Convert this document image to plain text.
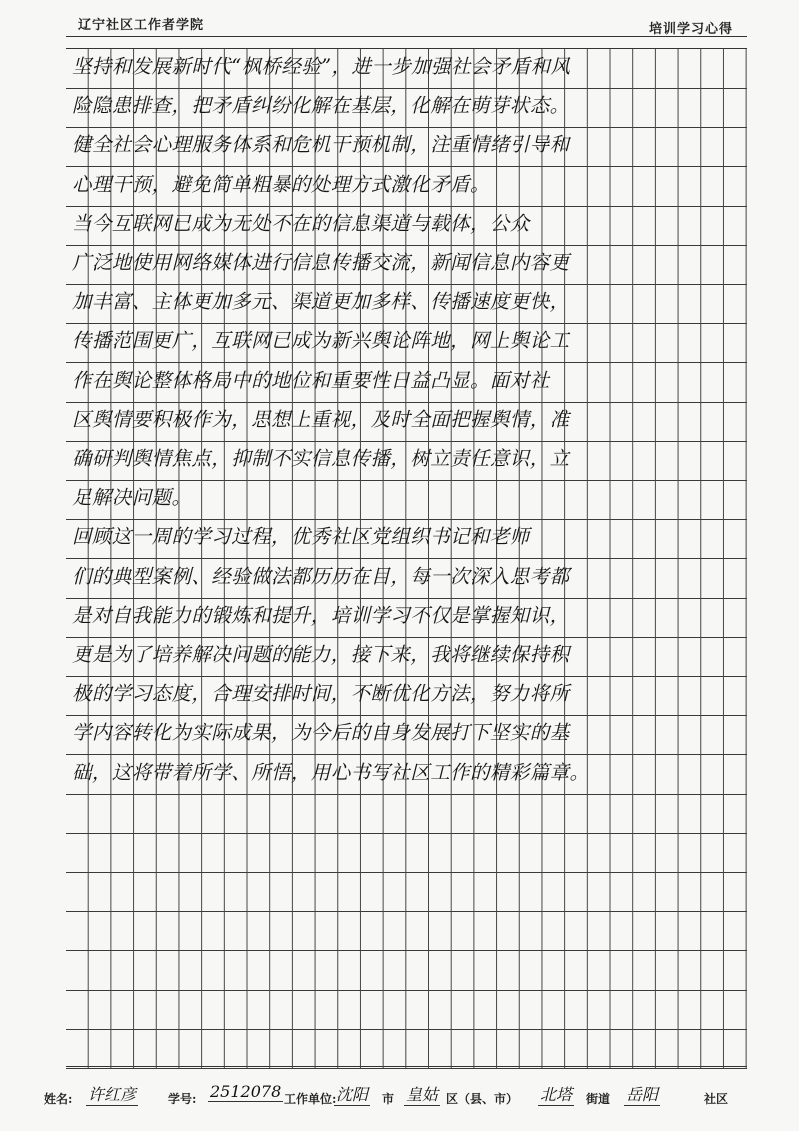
辽宁社区工作者学院	培训学习心得
坚持和发展新时代“枫桥经验”，进一步加强社会矛盾和风
险隐患排查，把矛盾纠纷化解在基层，化解在萌芽状态。
健全社会心理服务体系和危机干预机制，注重情绪引导和
心理干预，避免简单粗暴的处理方式激化矛盾。
当今互联网已成为无处不在的信息渠道与载体，公众
广泛地使用网络媒体进行信息传播交流，新闻信息内容更
加丰富、主体更加多元、渠道更加多样、传播速度更快，
传播范围更广，互联网已成为新兴舆论阵地，网上舆论工
作在舆论整体格局中的地位和重要性日益凸显。面对社
区舆情要积极作为，思想上重视，及时全面把握舆情，准
确研判舆情焦点，抑制不实信息传播，树立责任意识，立
足解决问题。
回顾这一周的学习过程，优秀社区党组织书记和老师
们的典型案例、经验做法都历历在目，每一次深入思考都
是对自我能力的锻炼和提升，培训学习不仅是掌握知识，
更是为了培养解决问题的能力，接下来，我将继续保持积
极的学习态度，合理安排时间，不断优化方法，努力将所
学内容转化为实际成果，为今后的自身发展打下坚实的基
础，这将带着所学、所悟，用心书写社区工作的精彩篇章。
姓名: 许红彦	学号: 2512078 工作单位: 沈阳 市 皇姑 区（县、市） 北塔 街道 岳阳	社区
